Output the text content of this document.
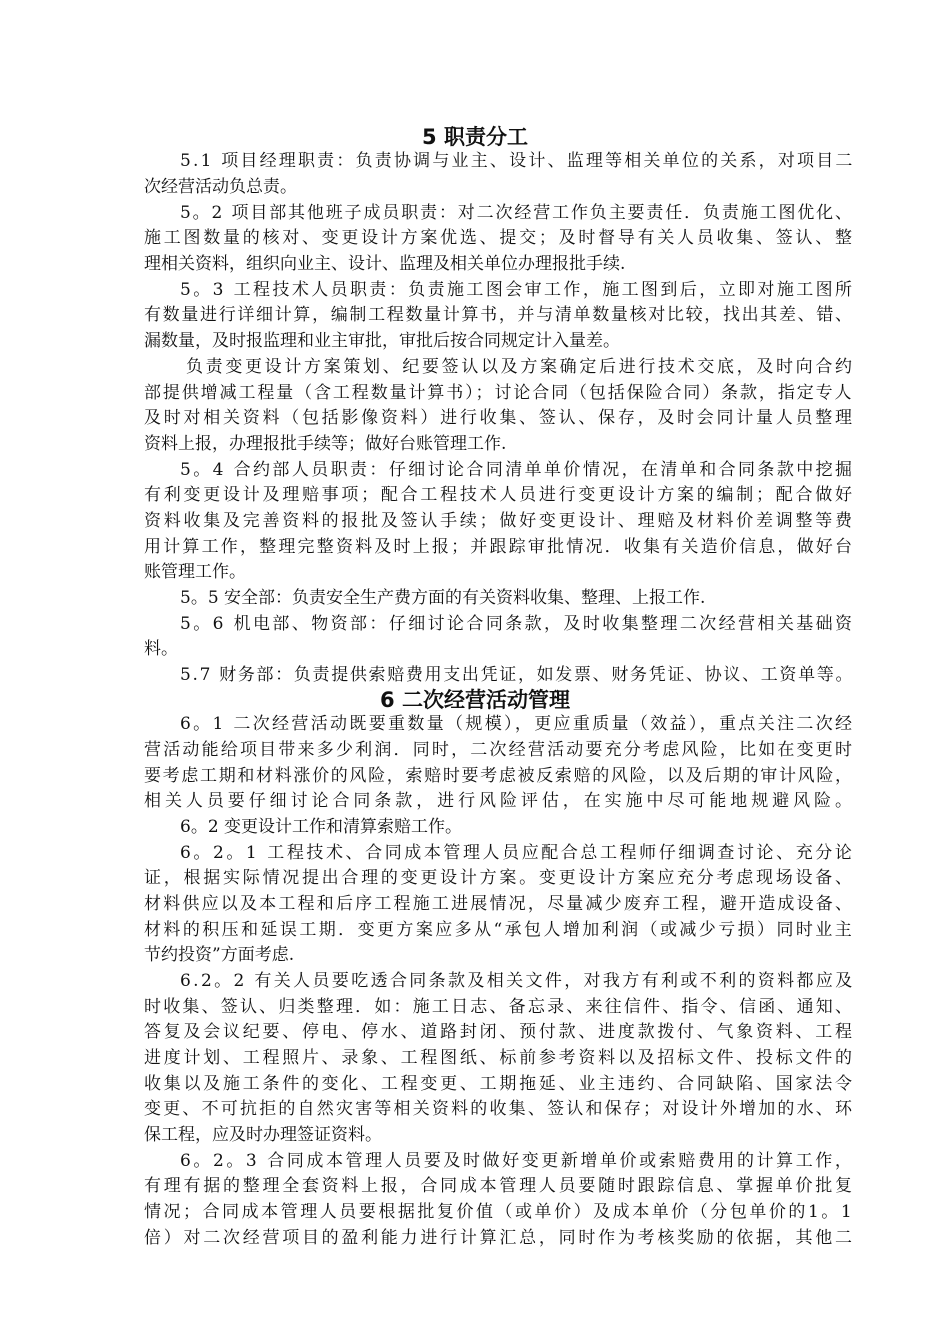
5 职责分工
5.1 项目经理职责：负责协调与业主、设计、监理等相关单位的关系，对项目二
次经营活动负总责。
5。2 项目部其他班子成员职责：对二次经营工作负主要责任．负责施工图优化、
施工图数量的核对、变更设计方案优选、提交；及时督导有关人员收集、签认、整
理相关资料，组织向业主、设计、监理及相关单位办理报批手续.
5。3 工程技术人员职责：负责施工图会审工作，施工图到后，立即对施工图所
有数量进行详细计算，编制工程数量计算书，并与清单数量核对比较，找出其差、错、
漏数量，及时报监理和业主审批，审批后按合同规定计入量差。
负责变更设计方案策划、纪要签认以及方案确定后进行技术交底，及时向合约
部提供增减工程量（含工程数量计算书）；讨论合同（包括保险合同）条款，指定专人
及时对相关资料（包括影像资料）进行收集、签认、保存，及时会同计量人员整理
资料上报，办理报批手续等；做好台账管理工作.
5。4 合约部人员职责：仔细讨论合同清单单价情况，在清单和合同条款中挖掘
有利变更设计及理赔事项；配合工程技术人员进行变更设计方案的编制；配合做好
资料收集及完善资料的报批及签认手续；做好变更设计、理赔及材料价差调整等费
用计算工作，整理完整资料及时上报；并跟踪审批情况．收集有关造价信息，做好台
账管理工作。
5。5 安全部：负责安全生产费方面的有关资料收集、整理、上报工作.
5。6 机电部、物资部：仔细讨论合同条款，及时收集整理二次经营相关基础资
料。
5.7 财务部：负责提供索赔费用支出凭证，如发票、财务凭证、协议、工资单等。
6 二次经营活动管理
6。1 二次经营活动既要重数量（规模），更应重质量（效益），重点关注二次经
营活动能给项目带来多少利润．同时，二次经营活动要充分考虑风险，比如在变更时
要考虑工期和材料涨价的风险，索赔时要考虑被反索赔的风险，以及后期的审计风险，
相关人员要仔细讨论合同条款，进行风险评估，在实施中尽可能地规避风险。
6。2 变更设计工作和清算索赔工作。
6。2。1 工程技术、合同成本管理人员应配合总工程师仔细调查讨论、充分论
证，根据实际情况提出合理的变更设计方案。变更设计方案应充分考虑现场设备、
材料供应以及本工程和后序工程施工进展情况，尽量减少废弃工程，避开造成设备、
材料的积压和延误工期．变更方案应多从“承包人增加利润（或减少亏损）同时业主
节约投资”方面考虑.
6.2。2 有关人员要吃透合同条款及相关文件，对我方有利或不利的资料都应及
时收集、签认、归类整理．如：施工日志、备忘录、来往信件、指令、信函、通知、
答复及会议纪要、停电、停水、道路封闭、预付款、进度款拨付、气象资料、工程
进度计划、工程照片、录象、工程图纸、标前参考资料以及招标文件、投标文件的
收集以及施工条件的变化、工程变更、工期拖延、业主违约、合同缺陷、国家法令
变更、不可抗拒的自然灾害等相关资料的收集、签认和保存；对设计外增加的水、环
保工程，应及时办理签证资料。
6。2。3 合同成本管理人员要及时做好变更新增单价或索赔费用的计算工作，
有理有据的整理全套资料上报，合同成本管理人员要随时跟踪信息、掌握单价批复
情况；合同成本管理人员要根据批复价值（或单价）及成本单价（分包单价的1。1
倍）对二次经营项目的盈利能力进行计算汇总，同时作为考核奖励的依据，其他二
